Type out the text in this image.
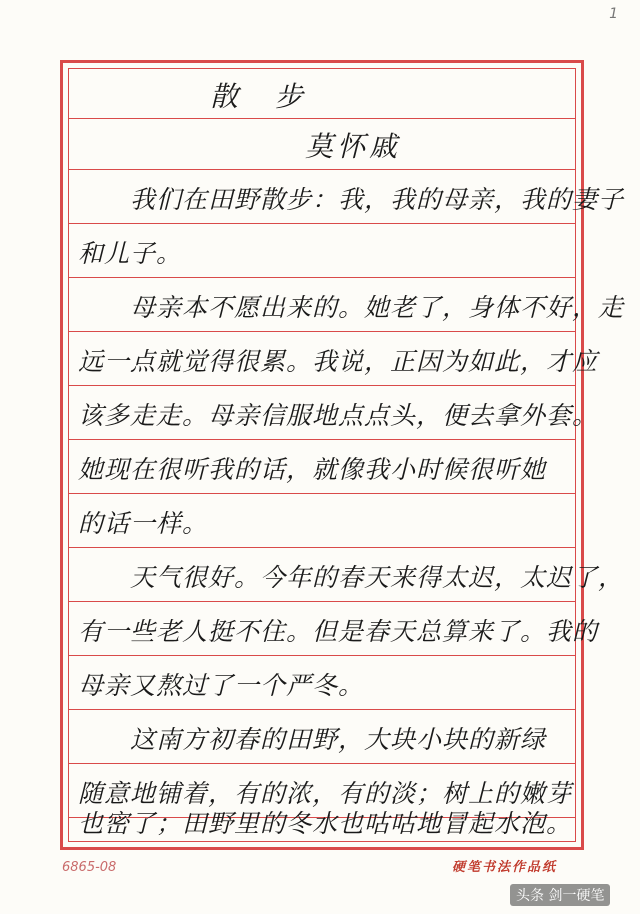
1
散 步
莫怀戚
我们在田野散步：我，我的母亲，我的妻子
和儿子。
母亲本不愿出来的。她老了，身体不好，走
远一点就觉得很累。我说，正因为如此，才应
该多走走。母亲信服地点点头，便去拿外套。
她现在很听我的话，就像我小时候很听她
的话一样。
天气很好。今年的春天来得太迟，太迟了，
有一些老人挺不住。但是春天总算来了。我的
母亲又熬过了一个严冬。
这南方初春的田野，大块小块的新绿
随意地铺着，有的浓，有的淡；树上的嫩芽
也密了；田野里的冬水也咕咕地冒起水泡。
6865-08	硬笔书法作品纸
头条 剑一硬笔
